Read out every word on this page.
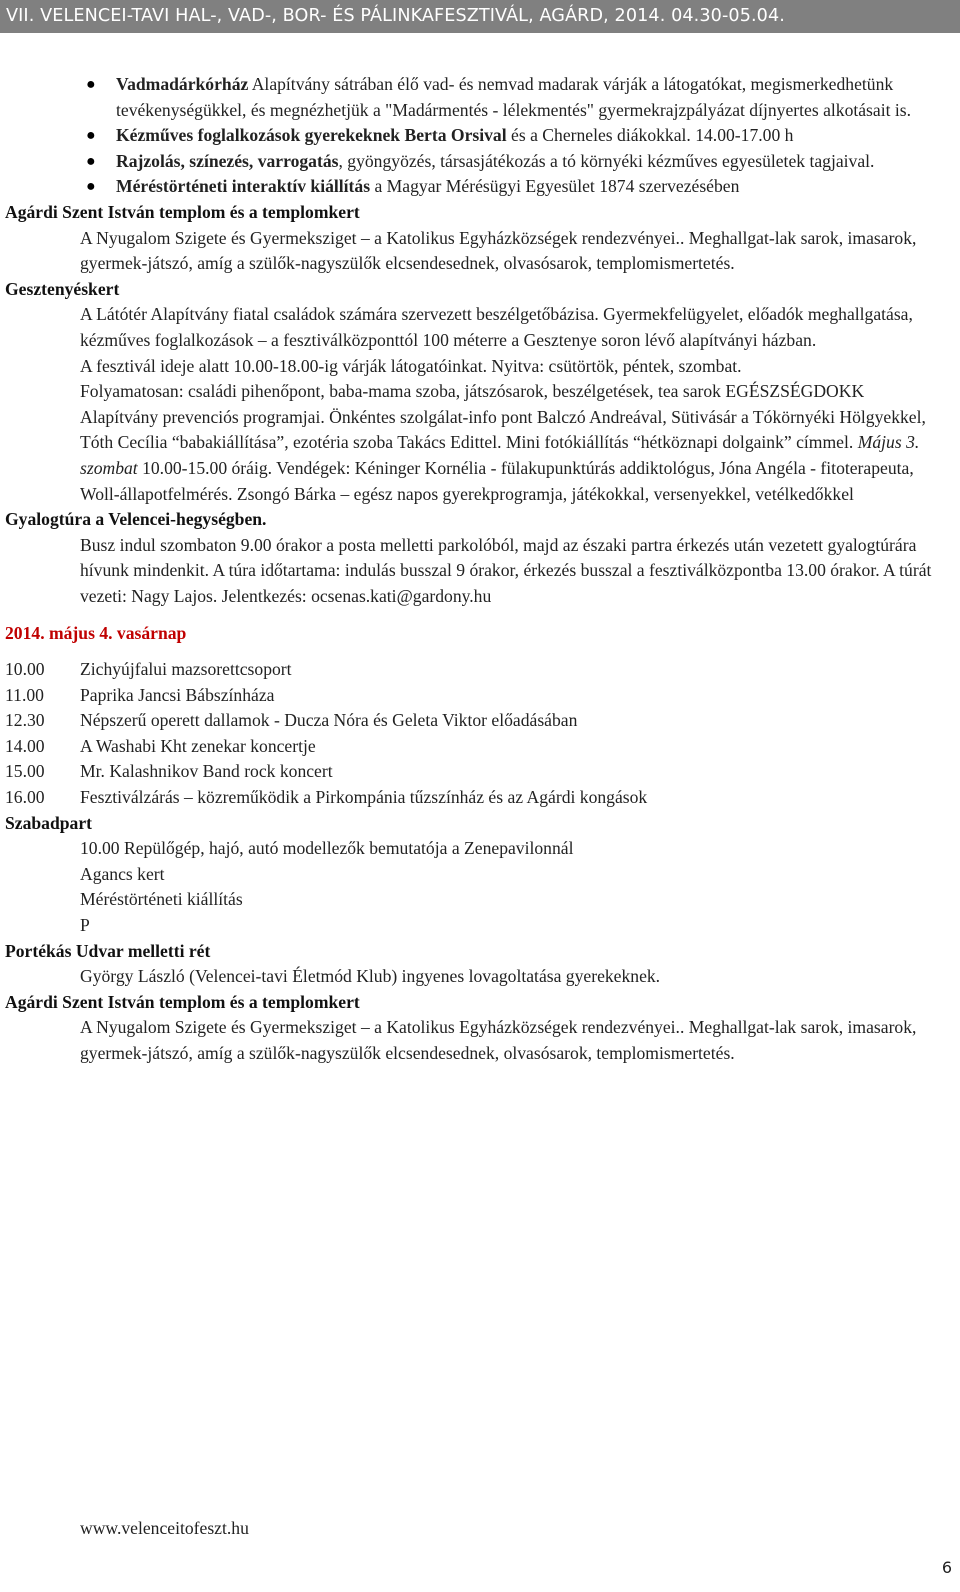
VII. VELENCEI-TAVI HAL-, VAD-, BOR- ÉS PÁLINKAFESZTIVÁL, AGÁRD, 2014. 04.30-05.04.
● Vadmadárkórház Alapítvány sátrában élő vad- és nemvad madarak várják a látogatókat, megismerkedhetünk tevékenységükkel, és megnézhetjük a "Madármentés - lélekmentés" gyermekrajzpályázat díjnyertes alkotásait is.
● Kézműves foglalkozások gyerekeknek Berta Orsival és a Cherneles diákokkal. 14.00-17.00 h
● Rajzolás, színezés, varrogatás, gyöngyözés, társasjátékozás a tó környéki kézműves egyesületek tagjaival.
● Méréstörténeti interaktív kiállítás a Magyar Mérésügyi Egyesület 1874 szervezésében
Agárdi Szent István templom és a templomkert
A Nyugalom Szigete és Gyermeksziget – a Katolikus Egyházközségek rendezvényei.. Meghallgat-lak sarok, imasarok, gyermek-játszó, amíg a szülők-nagyszülők elcsendesednek, olvasósarok, templomismertetés.
Gesztenyéskert
A Látótér Alapítvány fiatal családok számára szervezett beszélgetőbázisa. Gyermekfelügyelet, előadók meghallgatása, kézműves foglalkozások – a fesztiválközponttól 100 méterre a Gesztenye soron lévő alapítványi házban.
A fesztivál ideje alatt 10.00-18.00-ig várják látogatóinkat. Nyitva: csütörtök, péntek, szombat.
Folyamatosan: családi pihenőpont, baba-mama szoba, játszósarok, beszélgetések, tea sarok EGÉSZSÉGDOKK Alapítvány prevenciós programjai. Önkéntes szolgálat-info pont Balczó Andreával, Sütivásár a Tókörnyéki Hölgyekkel, Tóth Cecília “babakiállítása”, ezotéria szoba Takács Edittel. Mini fotókiállítás “hétköznapi dolgaink” címmel. Május 3. szombat 10.00-15.00 óráig. Vendégek: Kéninger Kornélia - fülakupunktúrás addiktológus, Jóna Angéla - fitoterapeuta, Woll-állapotfelmérés. Zsongó Bárka – egész napos gyerekprogramja, játékokkal, versenyekkel, vetélkedőkkel
Gyalogtúra a Velencei-hegységben.
Busz indul szombaton 9.00 órakor a posta melletti parkolóból, majd az északi partra érkezés után vezetett gyalogtúrára hívunk mindenkit. A túra időtartama: indulás busszal 9 órakor, érkezés busszal a fesztiválközpontba 13.00 órakor. A túrát vezeti: Nagy Lajos. Jelentkezés: ocsenas.kati@gardony.hu
2014. május 4. vasárnap
10.00	Zichyújfalui mazsorettcsoport
11.00	Paprika Jancsi Bábszínháza
12.30	Népszerű operett dallamok - Ducza Nóra és Geleta Viktor előadásában
14.00	A Washabi Kht zenekar koncertje
15.00	Mr. Kalashnikov Band rock koncert
16.00	Fesztiválzárás – közreműködik a Pirkompánia tűzszínház és az Agárdi kongások
Szabadpart
10.00 Repülőgép, hajó, autó modellezők bemutatója a Zenepavilonnál
Agancs kert
Méréstörténeti kiállítás
P
Portékás Udvar melletti rét
György László (Velencei-tavi Életmód Klub) ingyenes lovagoltatása gyerekeknek.
Agárdi Szent István templom és a templomkert
A Nyugalom Szigete és Gyermeksziget – a Katolikus Egyházközségek rendezvényei.. Meghallgat-lak sarok, imasarok, gyermek-játszó, amíg a szülők-nagyszülők elcsendesednek, olvasósarok, templomismertetés.
www.velenceitofeszt.hu
6
